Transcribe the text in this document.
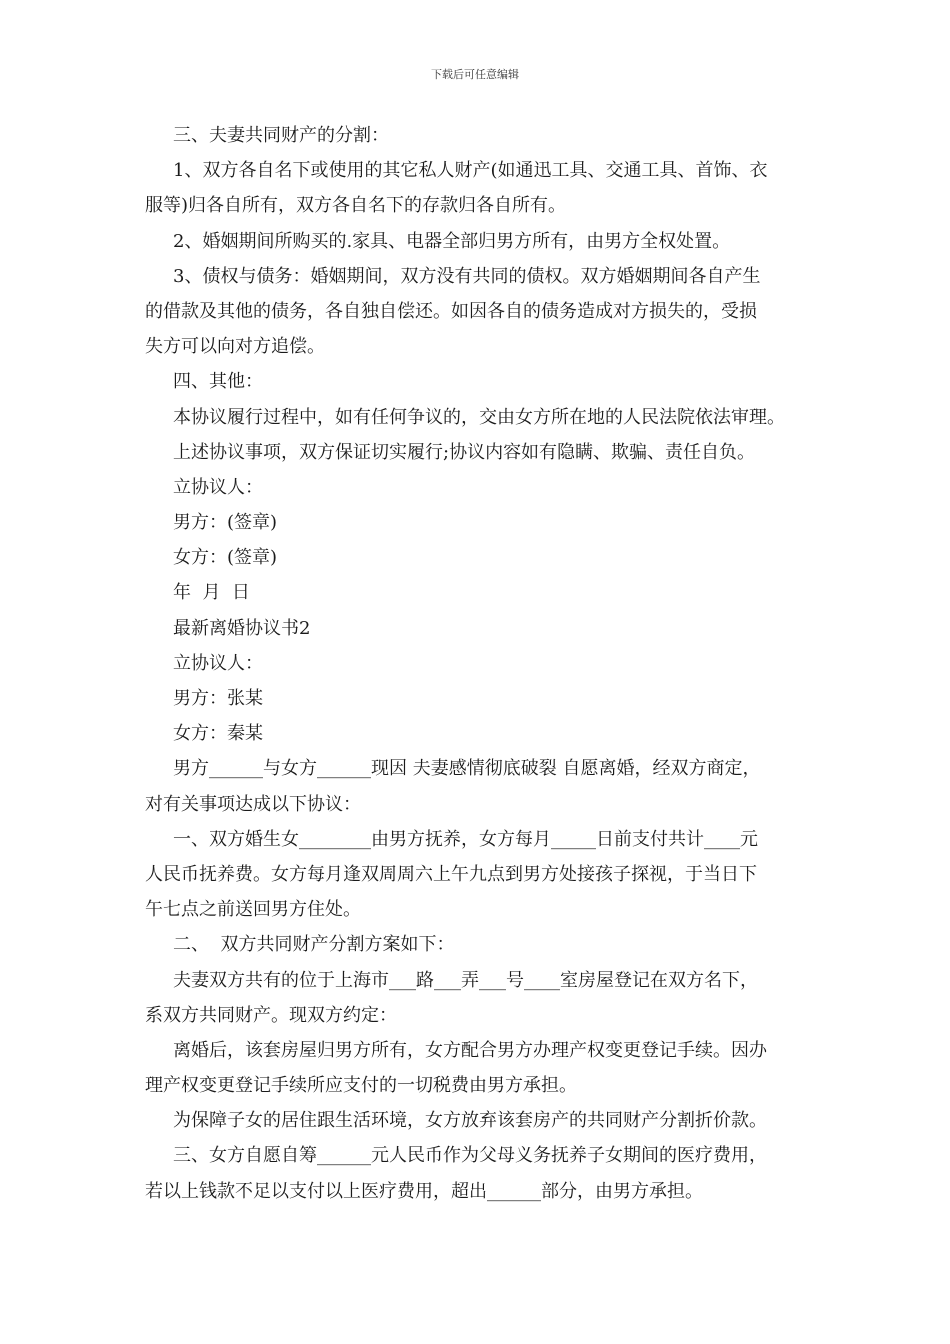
下载后可任意编辑
三、夫妻共同财产的分割：
1、双方各自名下或使用的其它私人财产(如通迅工具、交通工具、首饰、衣
服等)归各自所有，双方各自名下的存款归各自所有。
2、婚姻期间所购买的.家具、电器全部归男方所有，由男方全权处置。
3、债权与债务：婚姻期间，双方没有共同的债权。双方婚姻期间各自产生
的借款及其他的债务，各自独自偿还。如因各自的债务造成对方损失的，受损
失方可以向对方追偿。
四、其他：
本协议履行过程中，如有任何争议的，交由女方所在地的人民法院依法审理。
上述协议事项，双方保证切实履行;协议内容如有隐瞒、欺骗、责任自负。
立协议人：
男方：(签章)
女方：(签章)
年  月  日
最新离婚协议书2
立协议人：
男方：张某
女方：秦某
男方______与女方______现因 夫妻感情彻底破裂 自愿离婚，经双方商定，
对有关事项达成以下协议：
一、双方婚生女________由男方抚养，女方每月_____日前支付共计____元
人民币抚养费。女方每月逢双周周六上午九点到男方处接孩子探视，于当日下
午七点之前送回男方住处。
二、  双方共同财产分割方案如下：
夫妻双方共有的位于上海市___路___弄___号____室房屋登记在双方名下，
系双方共同财产。现双方约定：
离婚后，该套房屋归男方所有，女方配合男方办理产权变更登记手续。因办
理产权变更登记手续所应支付的一切税费由男方承担。
为保障子女的居住跟生活环境，女方放弃该套房产的共同财产分割折价款。
三、女方自愿自筹______元人民币作为父母义务抚养子女期间的医疗费用，
若以上钱款不足以支付以上医疗费用，超出______部分，由男方承担。
